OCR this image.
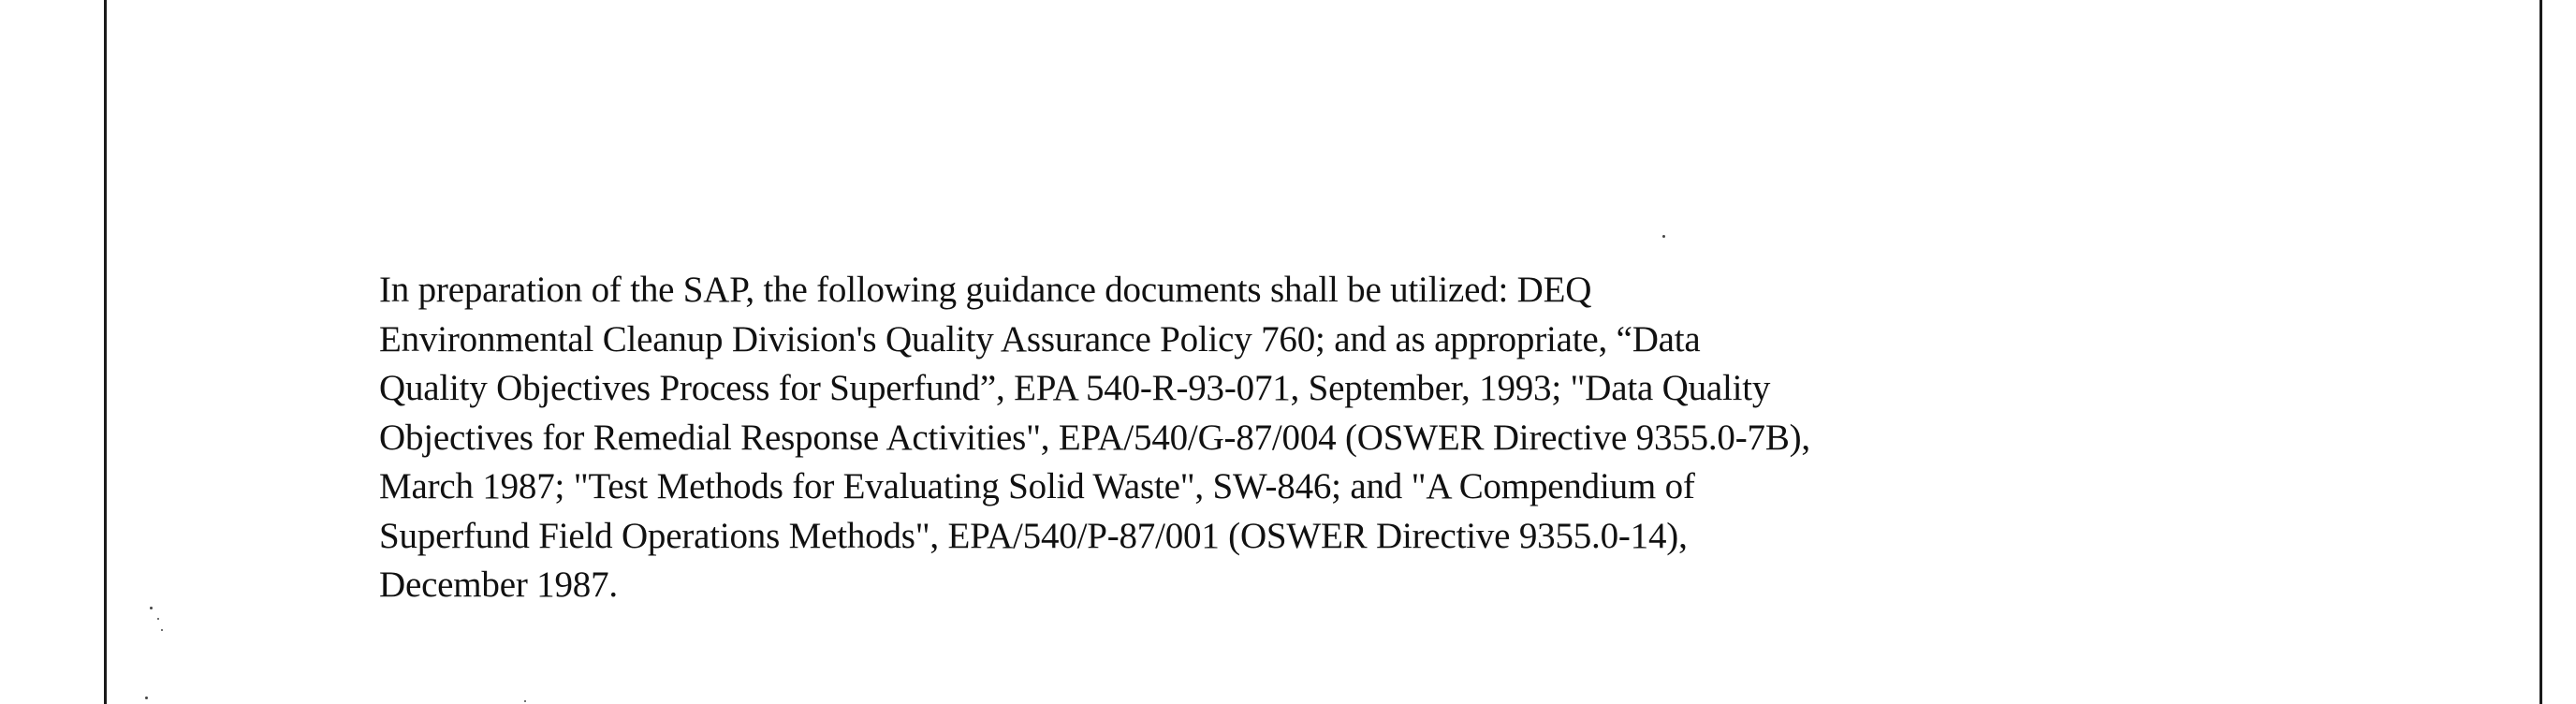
In preparation of the SAP, the following guidance documents shall be utilized: DEQ
Environmental Cleanup Division's Quality Assurance Policy 760; and as appropriate, “Data
Quality Objectives Process for Superfund”, EPA 540-R-93-071, September, 1993; "Data Quality
Objectives for Remedial Response Activities", EPA/540/G-87/004 (OSWER Directive 9355.0-7B),
March 1987; "Test Methods for Evaluating Solid Waste", SW-846; and "A Compendium of
Superfund Field Operations Methods", EPA/540/P-87/001 (OSWER Directive 9355.0-14),
December 1987.
